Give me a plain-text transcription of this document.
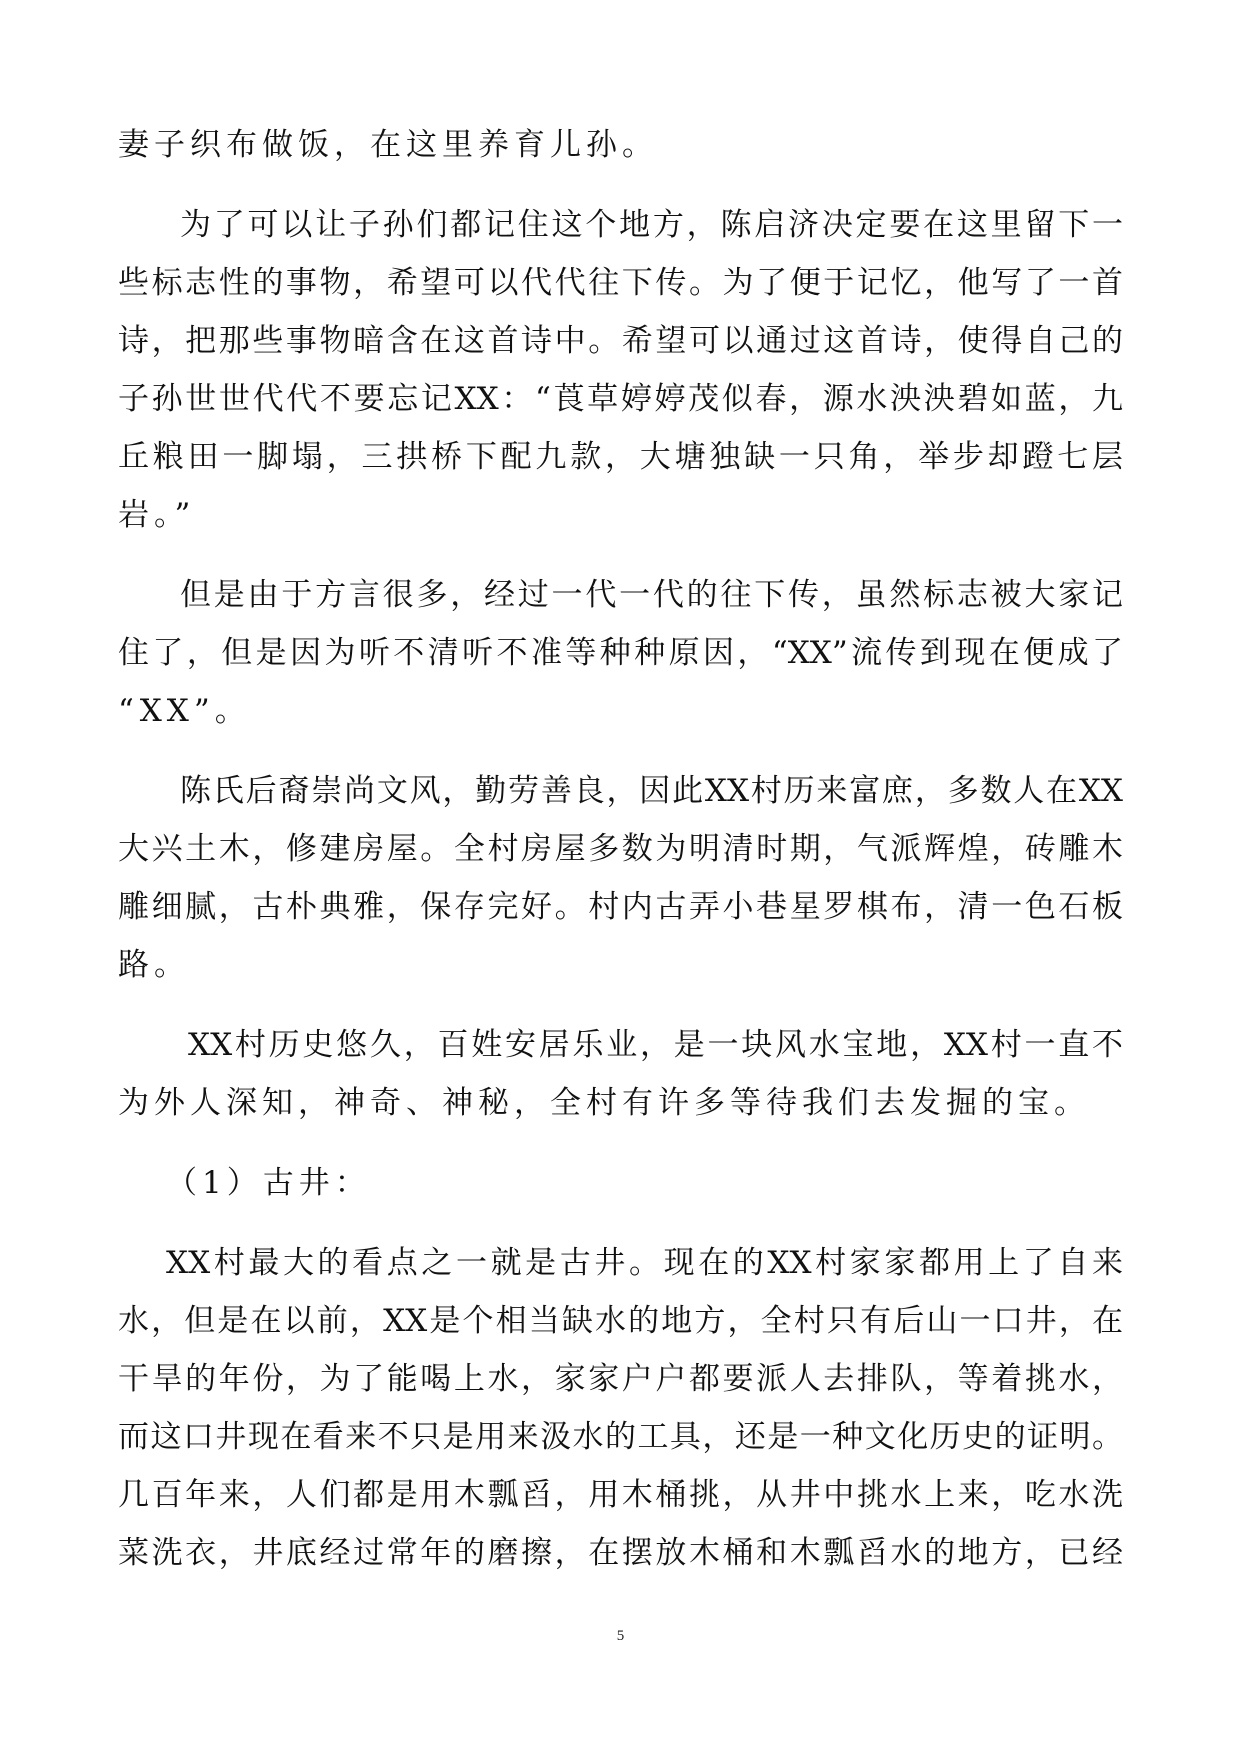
妻子织布做饭，在这里养育儿孙。
为了可以让子孙们都记住这个地方，陈启济决定要在这里留下一
些标志性的事物，希望可以代代往下传。为了便于记忆，他写了一首
诗，把那些事物暗含在这首诗中。希望可以通过这首诗，使得自己的
子孙世世代代不要忘记XX：“莨草婷婷茂似春，源水泱泱碧如蓝，九
丘粮田一脚塌，三拱桥下配九款，大塘独缺一只角，举步却蹬七层
岩。”
但是由于方言很多，经过一代一代的往下传，虽然标志被大家记
住了，但是因为听不清听不准等种种原因，“XX”流传到现在便成了
“XX”。
陈氏后裔崇尚文风，勤劳善良，因此XX村历来富庶，多数人在XX
大兴土木，修建房屋。全村房屋多数为明清时期，气派辉煌，砖雕木
雕细腻，古朴典雅，保存完好。村内古弄小巷星罗棋布，清一色石板
路。
XX村历史悠久，百姓安居乐业，是一块风水宝地，XX村一直不
为外人深知，神奇、神秘，全村有许多等待我们去发掘的宝。
（1）古井：
XX村最大的看点之一就是古井。现在的XX村家家都用上了自来
水，但是在以前，XX是个相当缺水的地方，全村只有后山一口井，在
干旱的年份，为了能喝上水，家家户户都要派人去排队，等着挑水，
而这口井现在看来不只是用来汲水的工具，还是一种文化历史的证明。
几百年来，人们都是用木瓢舀，用木桶挑，从井中挑水上来，吃水洗
菜洗衣，井底经过常年的磨擦，在摆放木桶和木瓢舀水的地方，已经
5
